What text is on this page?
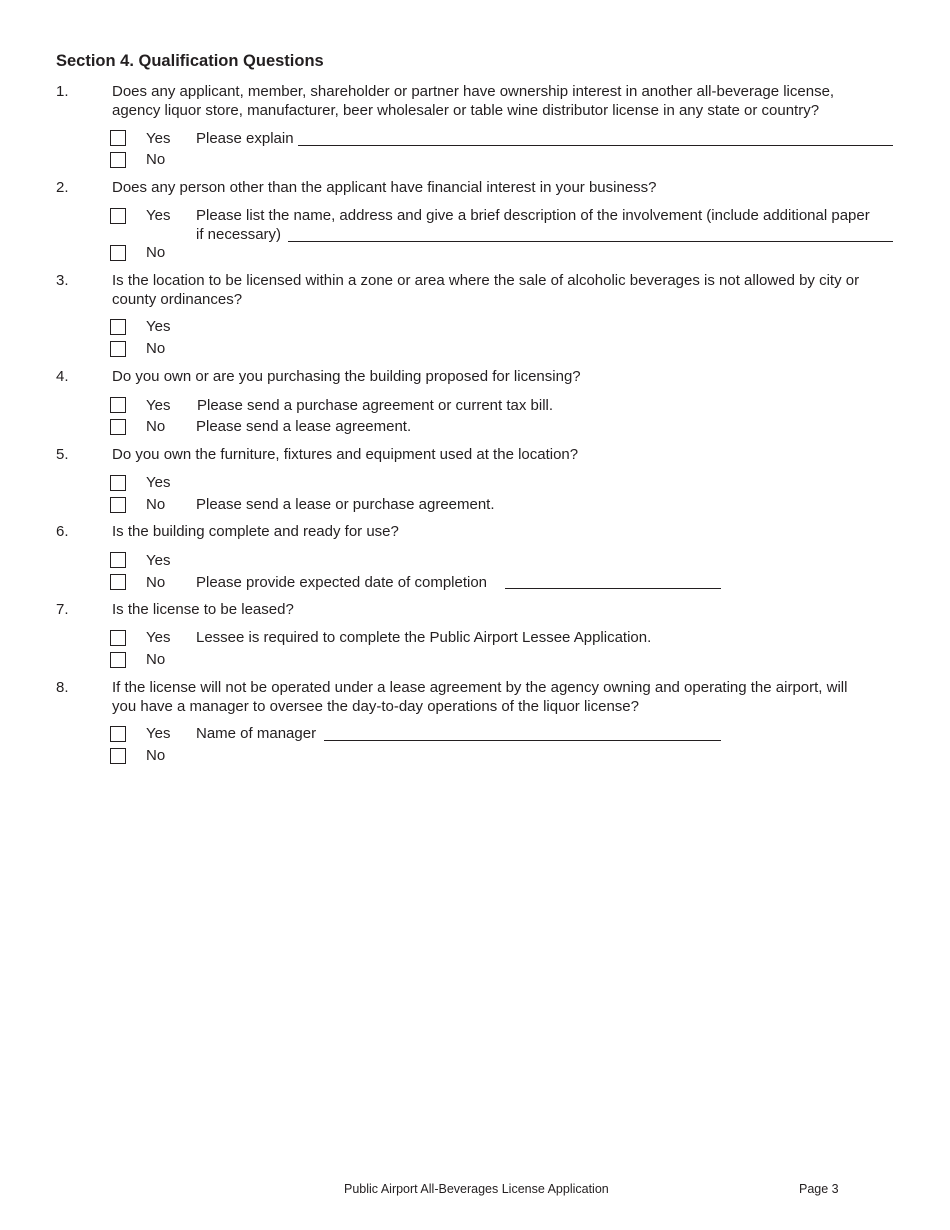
Section 4. Qualification Questions
1.	Does any applicant, member, shareholder or partner have ownership interest in another all-beverage license,
agency liquor store, manufacturer, beer wholesaler or table wine distributor license in any state or country?
Yes Please explain
No
2.	Does any person other than the applicant have financial interest in your business?
Yes Please list the name, address and give a brief description of the involvement (include additional paper
if necessary)
No
3.	Is the location to be licensed within a zone or area where the sale of alcoholic beverages is not allowed by city or
county ordinances?
Yes
No
4.	Do you own or are you purchasing the building proposed for licensing?
Yes Please send a purchase agreement or current tax bill.
No Please send a lease agreement.
5.	Do you own the furniture, fixtures and equipment used at the location?
Yes
No Please send a lease or purchase agreement.
6.	Is the building complete and ready for use?
Yes
No Please provide expected date of completion
7.	Is the license to be leased?
Yes Lessee is required to complete the Public Airport Lessee Application.
No
8.	If the license will not be operated under a lease agreement by the agency owning and operating the airport, will
you have a manager to oversee the day-to-day operations of the liquor license?
Yes Name of manager
No
Public Airport All-Beverages License Application	Page 3
